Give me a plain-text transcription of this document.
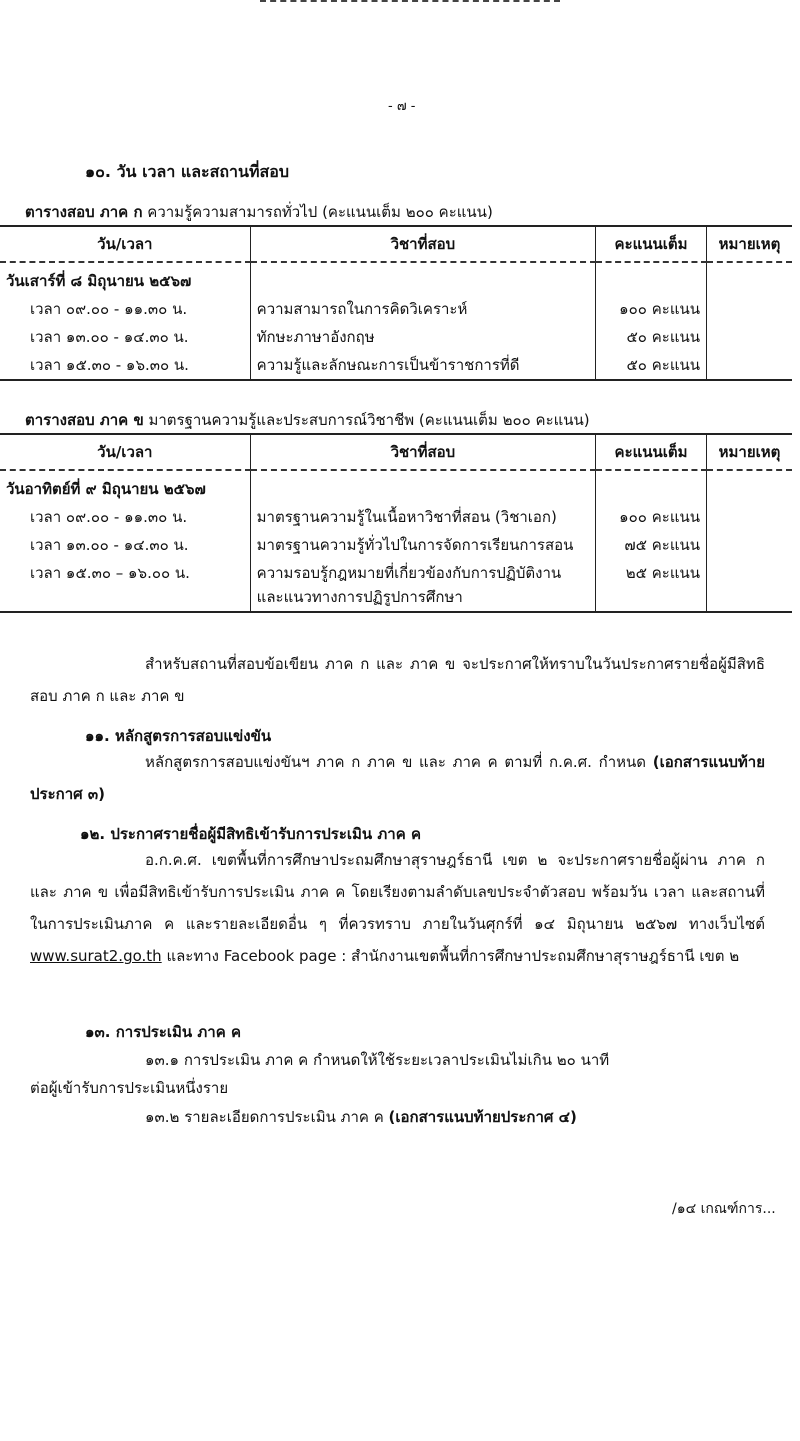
- ๗ -
๑๐. วัน เวลา และสถานที่สอบ
ตารางสอบ ภาค ก ความรู้ความสามารถทั่วไป (คะแนนเต็ม ๒๐๐ คะแนน)
วัน/เวลา	วิชาที่สอบ	คะแนนเต็ม	หมายเหตุ
วันเสาร์ที่ ๘ มิถุนายน ๒๕๖๗			
เวลา ๐๙.๐๐ - ๑๑.๓๐ น.	ความสามารถในการคิดวิเคราะห์	๑๐๐ คะแนน	
เวลา ๑๓.๐๐ - ๑๔.๓๐ น.	ทักษะภาษาอังกฤษ	๕๐ คะแนน	
เวลา ๑๕.๓๐ - ๑๖.๓๐ น.	ความรู้และลักษณะการเป็นข้าราชการที่ดี	๕๐ คะแนน	
ตารางสอบ ภาค ข มาตรฐานความรู้และประสบการณ์วิชาชีพ (คะแนนเต็ม ๒๐๐ คะแนน)
วัน/เวลา	วิชาที่สอบ	คะแนนเต็ม	หมายเหตุ
วันอาทิตย์ที่ ๙ มิถุนายน ๒๕๖๗			
เวลา ๐๙.๐๐ - ๑๑.๓๐ น.	มาตรฐานความรู้ในเนื้อหาวิชาที่สอน (วิชาเอก)	๑๐๐ คะแนน	
เวลา ๑๓.๐๐ - ๑๔.๓๐ น.	มาตรฐานความรู้ทั่วไปในการจัดการเรียนการสอน	๗๕ คะแนน	
เวลา ๑๕.๓๐ – ๑๖.๐๐ น.	ความรอบรู้กฎหมายที่เกี่ยวข้องกับการปฏิบัติงาน
และแนวทางการปฏิรูปการศึกษา	๒๕ คะแนน	

สำหรับสถานที่สอบข้อเขียน ภาค ก และ ภาค ข จะประกาศให้ทราบในวันประกาศรายชื่อผู้มีสิทธิสอบ ภาค ก และ ภาค ข

๑๑. หลักสูตรการสอบแข่งขัน

หลักสูตรการสอบแข่งขันฯ ภาค ก ภาค ข และ ภาค ค ตามที่ ก.ค.ศ. กำหนด (เอกสารแนบท้ายประกาศ ๓)

๑๒. ประกาศรายชื่อผู้มีสิทธิเข้ารับการประเมิน ภาค ค

อ.ก.ค.ศ. เขตพื้นที่การศึกษาประถมศึกษาสุราษฎร์ธานี เขต ๒ จะประกาศรายชื่อผู้ผ่าน ภาค ก และ ภาค ข เพื่อมีสิทธิเข้ารับการประเมิน ภาค ค โดยเรียงตามลำดับเลขประจำตัวสอบ พร้อมวัน เวลา และสถานที่ในการประเมินภาค ค และรายละเอียดอื่น ๆ ที่ควรทราบ ภายในวันศุกร์ที่ ๑๔ มิถุนายน ๒๕๖๗ ทางเว็บไซต์ www.surat2.go.th และทาง Facebook page : สำนักงานเขตพื้นที่การศึกษาประถมศึกษาสุราษฎร์ธานี เขต ๒

๑๓. การประเมิน ภาค ค
๑๓.๑ การประเมิน ภาค ค กำหนดให้ใช้ระยะเวลาประเมินไม่เกิน ๒๐ นาที
ต่อผู้เข้ารับการประเมินหนึ่งราย
๑๓.๒ รายละเอียดการประเมิน ภาค ค (เอกสารแนบท้ายประกาศ ๔)
/๑๔ เกณฑ์การ...
